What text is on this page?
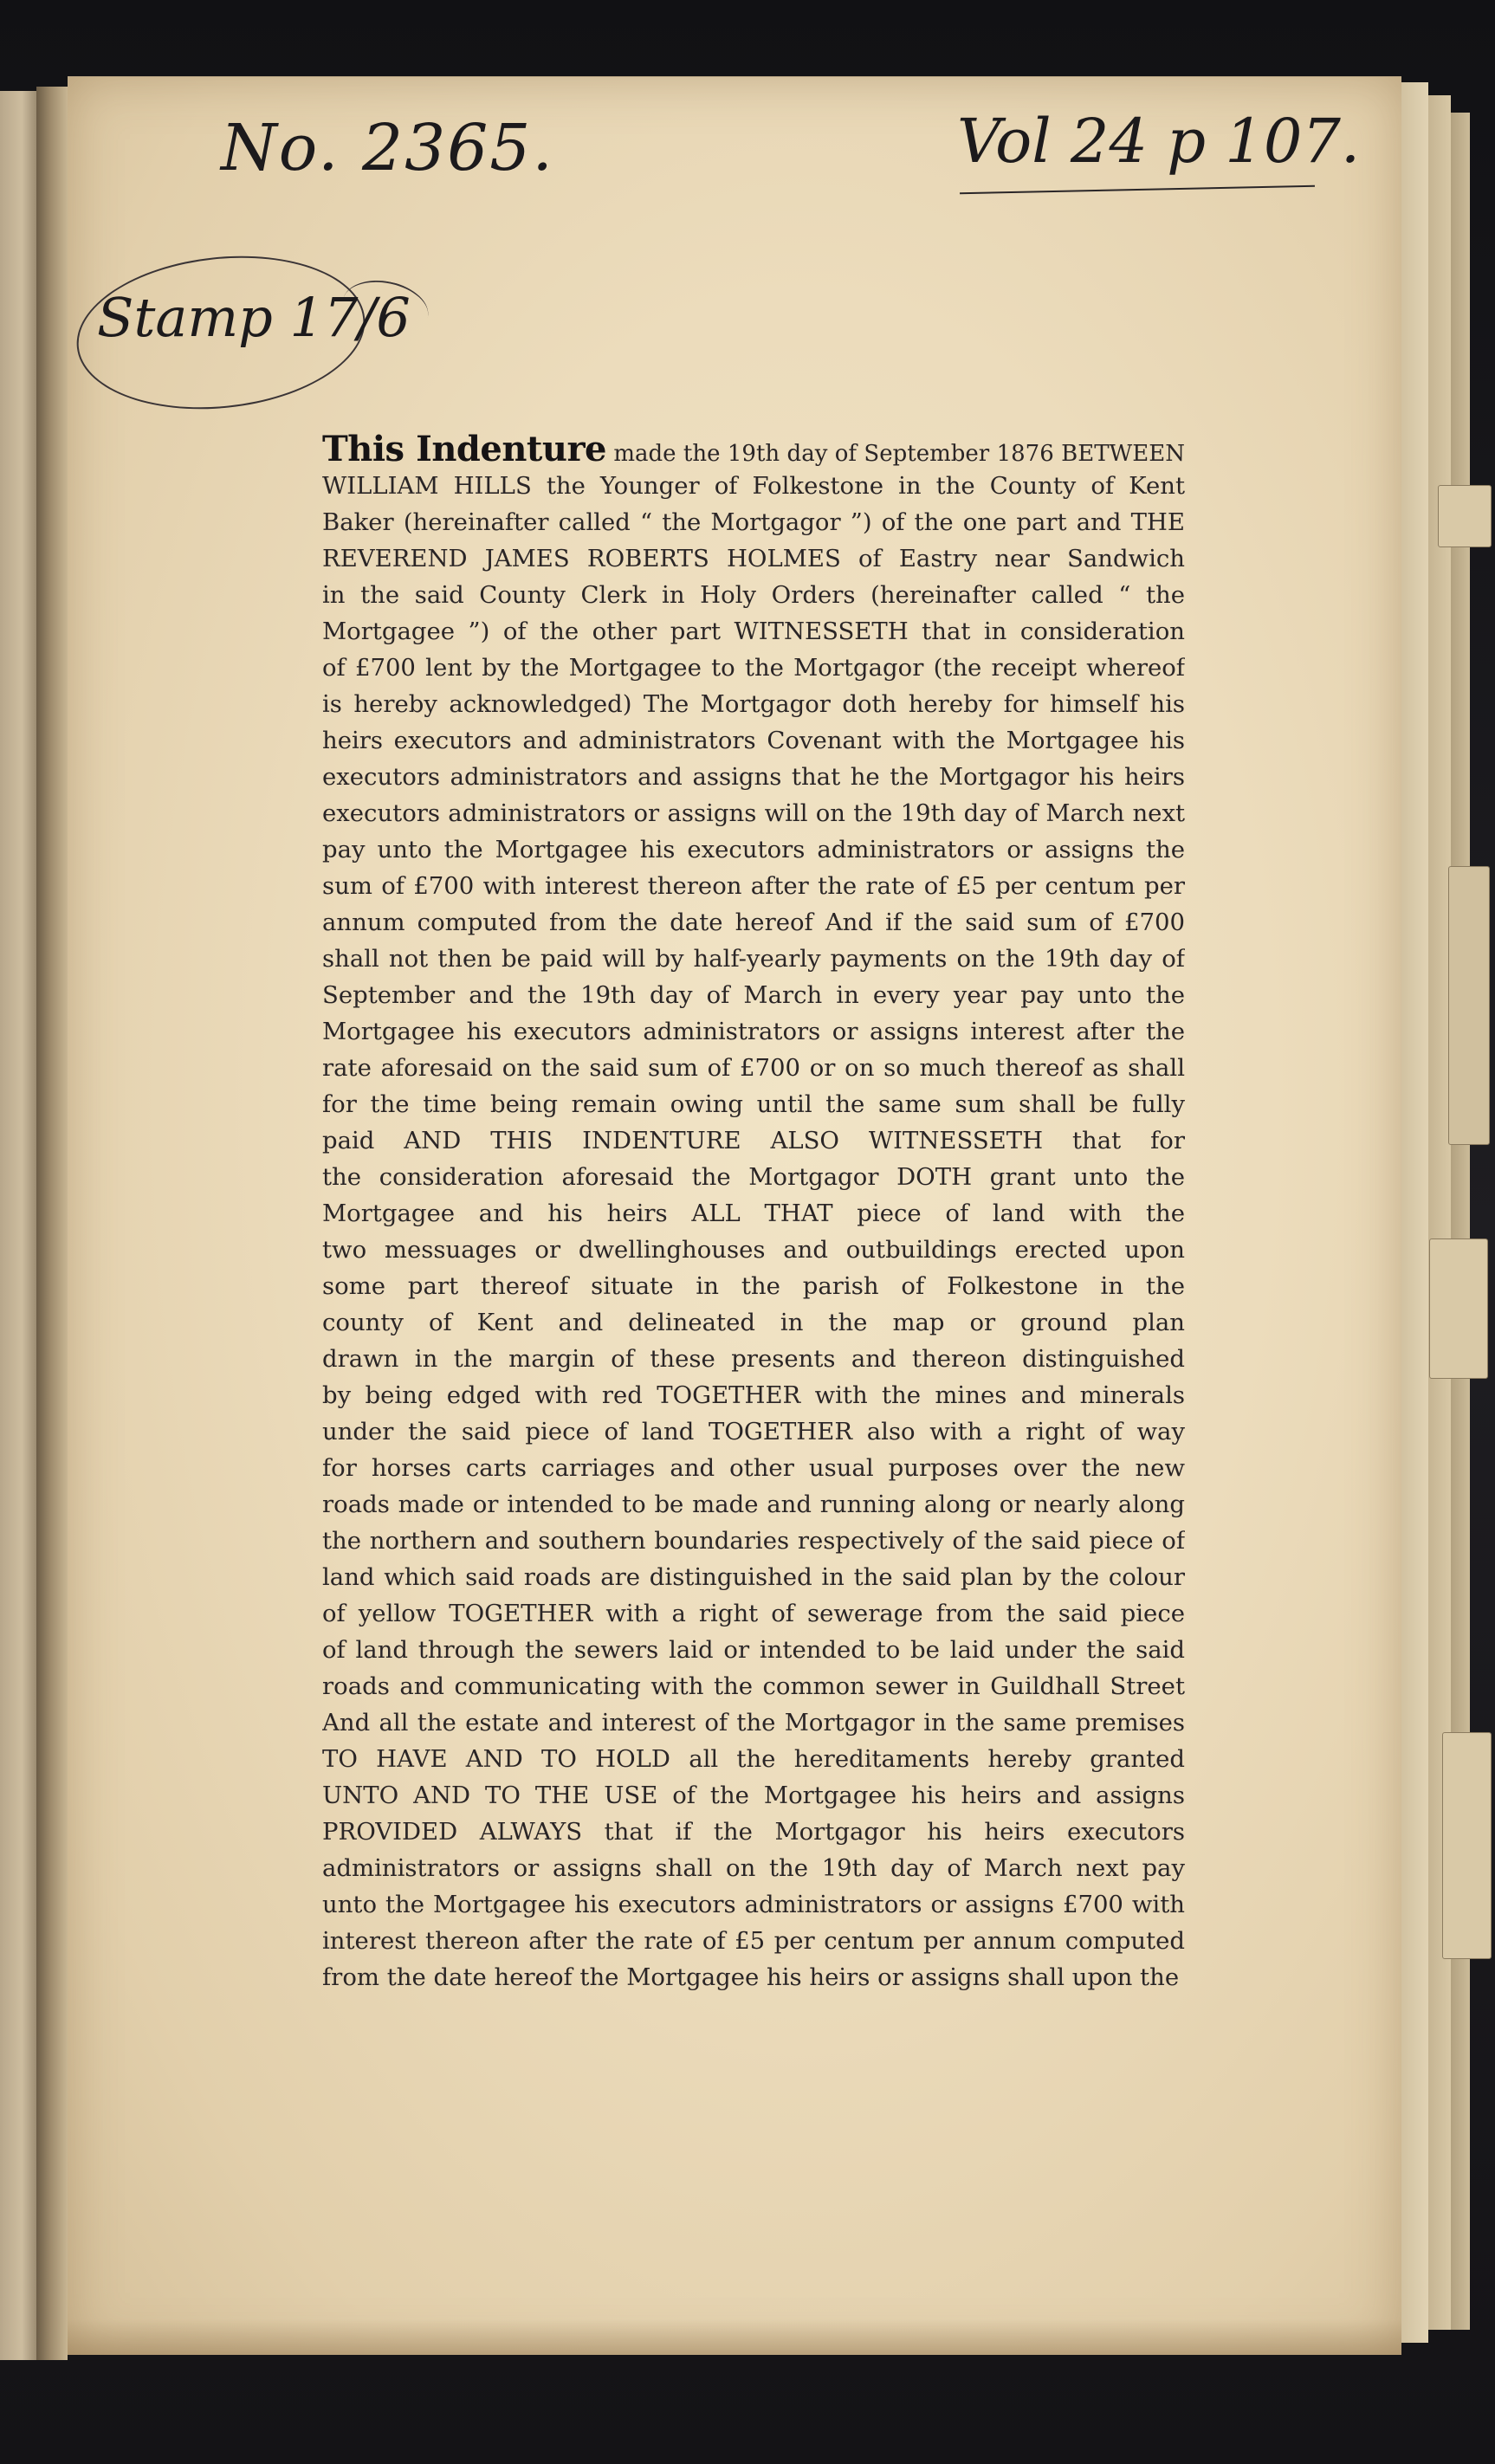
No. 2365.	Vol 24 p 107.
Stamp 17/6
This Indenture made the 19th day of September 1876 BETWEEN
WILLIAM HILLS the Younger of Folkestone in the County of Kent
Baker (hereinafter called “ the Mortgagor ”) of the one part and THE
REVEREND JAMES ROBERTS HOLMES of Eastry near Sandwich
in the said County Clerk in Holy Orders (hereinafter called “ the
Mortgagee ”) of the other part WITNESSETH that in consideration
of £700 lent by the Mortgagee to the Mortgagor (the receipt whereof
is hereby acknowledged) The Mortgagor doth hereby for himself his
heirs executors and administrators Covenant with the Mortgagee his
executors administrators and assigns that he the Mortgagor his heirs
executors administrators or assigns will on the 19th day of March next
pay unto the Mortgagee his executors administrators or assigns the
sum of £700 with interest thereon after the rate of £5 per centum per
annum computed from the date hereof And if the said sum of £700
shall not then be paid will by half-yearly payments on the 19th day of
September and the 19th day of March in every year pay unto the
Mortgagee his executors administrators or assigns interest after the
rate aforesaid on the said sum of £700 or on so much thereof as shall
for the time being remain owing until the same sum shall be fully
paid AND THIS INDENTURE ALSO WITNESSETH that for
the consideration aforesaid the Mortgagor DOTH grant unto the
Mortgagee and his heirs ALL THAT piece of land with the
two messuages or dwellinghouses and outbuildings erected upon
some part thereof situate in the parish of Folkestone in the
county of Kent and delineated in the map or ground plan
drawn in the margin of these presents and thereon distinguished
by being edged with red TOGETHER with the mines and minerals
under the said piece of land TOGETHER also with a right of way
for horses carts carriages and other usual purposes over the new
roads made or intended to be made and running along or nearly along
the northern and southern boundaries respectively of the said piece of
land which said roads are distinguished in the said plan by the colour
of yellow TOGETHER with a right of sewerage from the said piece
of land through the sewers laid or intended to be laid under the said
roads and communicating with the common sewer in Guildhall Street
And all the estate and interest of the Mortgagor in the same premises
TO HAVE AND TO HOLD all the hereditaments hereby granted
UNTO AND TO THE USE of the Mortgagee his heirs and assigns
PROVIDED ALWAYS that if the Mortgagor his heirs executors
administrators or assigns shall on the 19th day of March next pay
unto the Mortgagee his executors administrators or assigns £700 with
interest thereon after the rate of £5 per centum per annum computed
from the date hereof the Mortgagee his heirs or assigns shall upon the
